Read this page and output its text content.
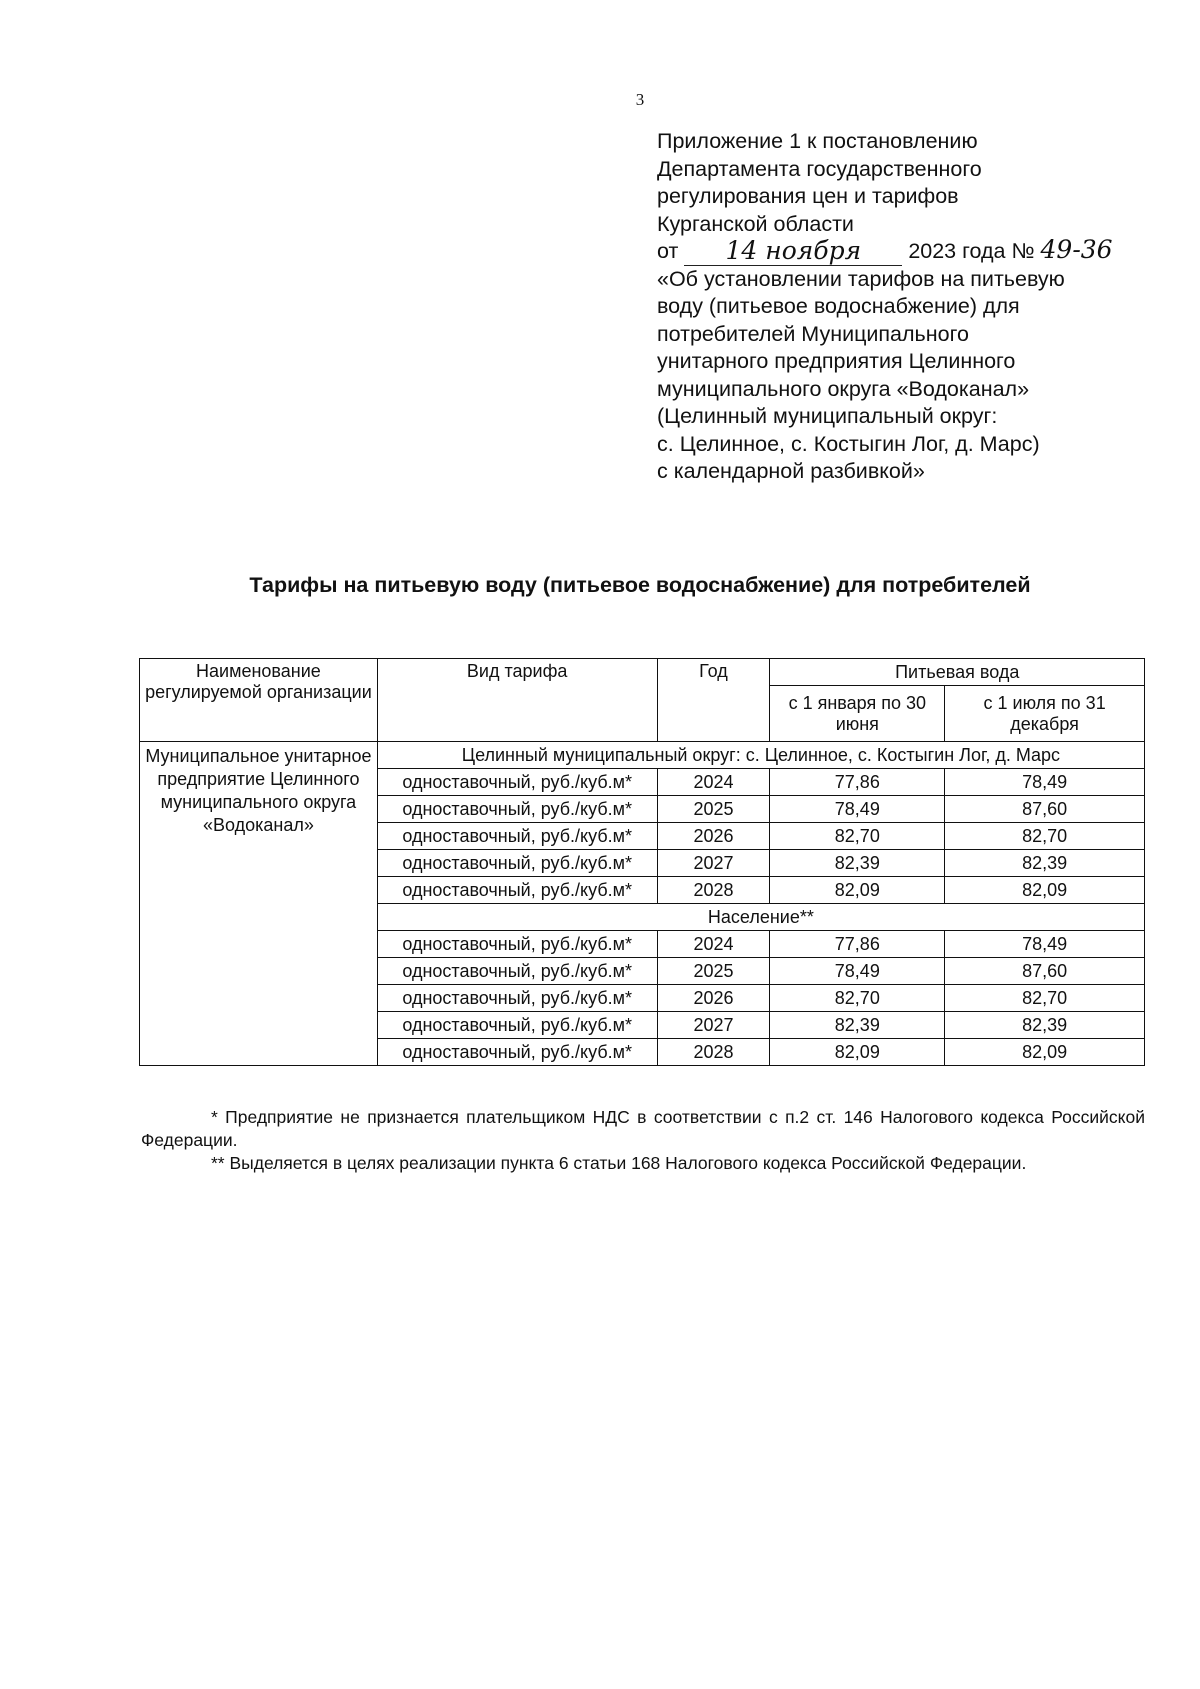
3
Приложение 1 к постановлению
Департамента государственного
регулирования цен и тарифов
Курганской области
от 14 ноября 2023 года № 49-36
«Об установлении тарифов на питьевую
воду (питьевое водоснабжение) для
потребителей Муниципального
унитарного предприятия Целинного
муниципального округа «Водоканал»
(Целинный муниципальный округ:
с. Целинное, с. Костыгин Лог, д. Марс)
с календарной разбивкой»
Тарифы на питьевую воду (питьевое водоснабжение) для потребителей
Наименование регулируемой организации	Вид тарифа	Год	Питьевая вода	
			с 1 января по 30 июня	с 1 июля по 31 декабря
Муниципальное унитарное предприятие Целинного муниципального округа «Водоканал»	Целинный муниципальный округ: с. Целинное, с. Костыгин Лог, д. Марс			
	одноставочный, руб./куб.м*	2024	77,86	78,49
	одноставочный, руб./куб.м*	2025	78,49	87,60
	одноставочный, руб./куб.м*	2026	82,70	82,70
	одноставочный, руб./куб.м*	2027	82,39	82,39
	одноставочный, руб./куб.м*	2028	82,09	82,09
	Население**			
	одноставочный, руб./куб.м*	2024	77,86	78,49
	одноставочный, руб./куб.м*	2025	78,49	87,60
	одноставочный, руб./куб.м*	2026	82,70	82,70
	одноставочный, руб./куб.м*	2027	82,39	82,39
	одноставочный, руб./куб.м*	2028	82,09	82,09

* Предприятие не признается плательщиком НДС в соответствии с п.2 ст. 146 Налогового кодекса Российской Федерации.

** Выделяется в целях реализации пункта 6 статьи 168 Налогового кодекса Российской Федерации.
